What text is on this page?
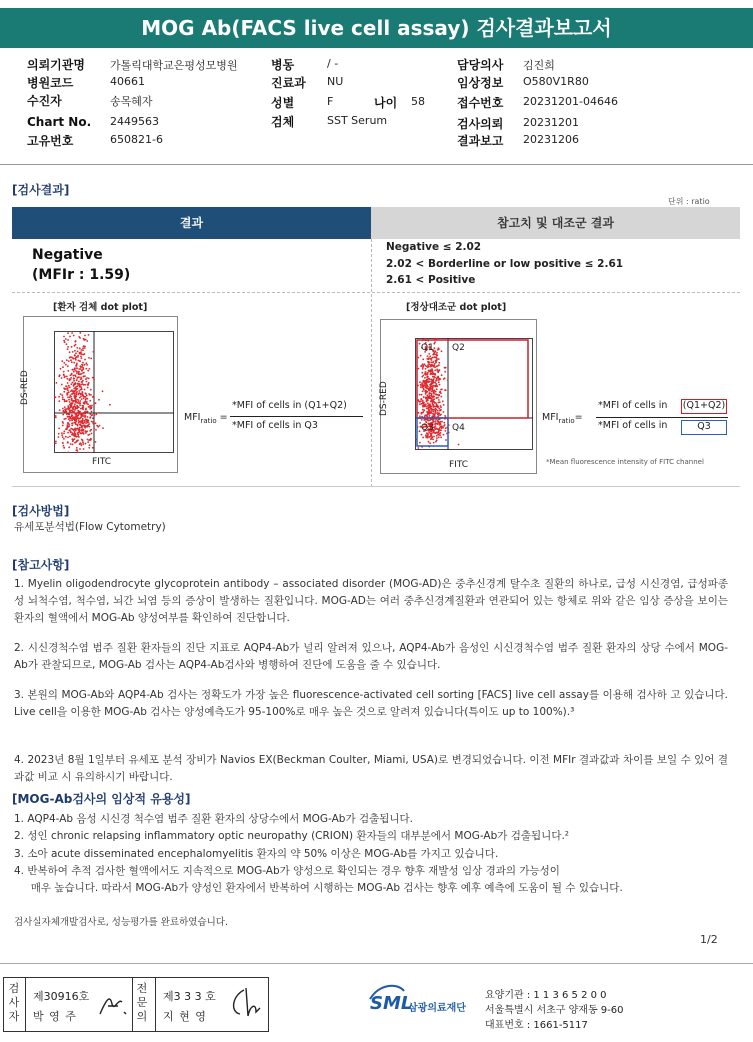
MOG Ab(FACS live cell assay) 검사결과보고서
의뢰기관명 가톨릭대학교은평성모병원
병원코드	40661
수진자	송목혜자
Chart No. 2449563
고유번호	650821-6
병동	/ -
진료과 NU
성별	F	나이 58
검체	SST Serum
담당의사 김진희
임상정보 O580V1R80
접수번호 20231201-04646
검사의뢰 20231201
결과보고 20231206
[검사결과]
단위 : ratio
결과	참고치 및 대조군 결과
Negative
(MFIr : 1.59)
Negative ≤ 2.02
2.02 < Borderline or low positive ≤ 2.61
2.61 < Positive
[환자 검체 dot plot]	[정상대조군 dot plot]
DS-RED
FITC
$MFI_{ratio}$ =
*MFI of cells in (Q1+Q2)
*MFI of cells in Q3
DS-RED
FITC
Q1 Q2
Q3 Q4
$MFI_{ratio}=$
*MFI of cells in (Q1+Q2)
*MFI of cells in	Q3
*Mean fluorescence intensity of FITC channel
[검사방법]
유세포분석법(Flow Cytometry)
[참고사항]
1. Myelin oligodendrocyte glycoprotein antibody – associated disorder (MOG-AD)은 중추신경계 탈수초 질환의 하나로, 급성 시신경염, 급성파종성 뇌척수염, 척수염, 뇌간 뇌염 등의 증상이 발생하는 질환입니다. MOG-AD는 여러 중추신경계질환과 연관되어 있는 항체로 위와 같은 임상 증상을 보이는 환자의 혈액에서 MOG-Ab 양성여부를 확인하여 진단합니다.
2. 시신경척수염 범주 질환 환자들의 진단 지표로 AQP4-Ab가 널리 알려져 있으나, AQP4-Ab가 음성인 시신경척수염 범주 질환 환자의 상당 수에서 MOG-Ab가 관찰되므로, MOG-Ab 검사는 AQP4-Ab검사와 병행하여 진단에 도움을 줄 수 있습니다.
3. 본원의 MOG-Ab와 AQP4-Ab 검사는 정확도가 가장 높은 fluorescence-activated cell sorting [FACS] live cell assay를 이용해 검사하 고 있습니다. Live cell을 이용한 MOG-Ab 검사는 양성예측도가 95-100%로 매우 높은 것으로 알려져 있습니다(특이도 up to 100%).³
4. 2023년 8월 1일부터 유세포 분석 장비가 Navios EX(Beckman Coulter, Miami, USA)로 변경되었습니다. 이전 MFIr 결과값과 차이를 보일 수 있어 결과값 비교 시 유의하시기 바랍니다.
[MOG-Ab검사의 임상적 유용성]
1. AQP4-Ab 음성 시신경 척수염 범주 질환 환자의 상당수에서 MOG-Ab가 검출됩니다.
2. 성인 chronic relapsing inflammatory optic neuropathy (CRION) 환자들의 대부분에서 MOG-Ab가 검출됩니다.²
3. 소아 acute disseminated encephalomyelitis 환자의 약 50% 이상은 MOG-Ab를 가지고 있습니다.
4. 반복하여 추적 검사한 혈액에서도 지속적으로 MOG-Ab가 양성으로 확인되는 경우 향후 재발성 임상 경과의 가능성이
매우 높습니다. 따라서 MOG-Ab가 양성인 환자에서 반복하여 시행하는 MOG-Ab 검사는 향후 예후 예측에 도움이 될 수 있습니다.
검사실자체개발검사로, 성능평가를 완료하였습니다.
1/2
검사자
제30916호
박 영 주
전문의
제3 3 3 호
지 현 영
SML
삼광의료재단
요양기관 : 1 1 3 6 5 2 0 0
서울특별시 서초구 양재동 9-60
대표번호 : 1661-5117
